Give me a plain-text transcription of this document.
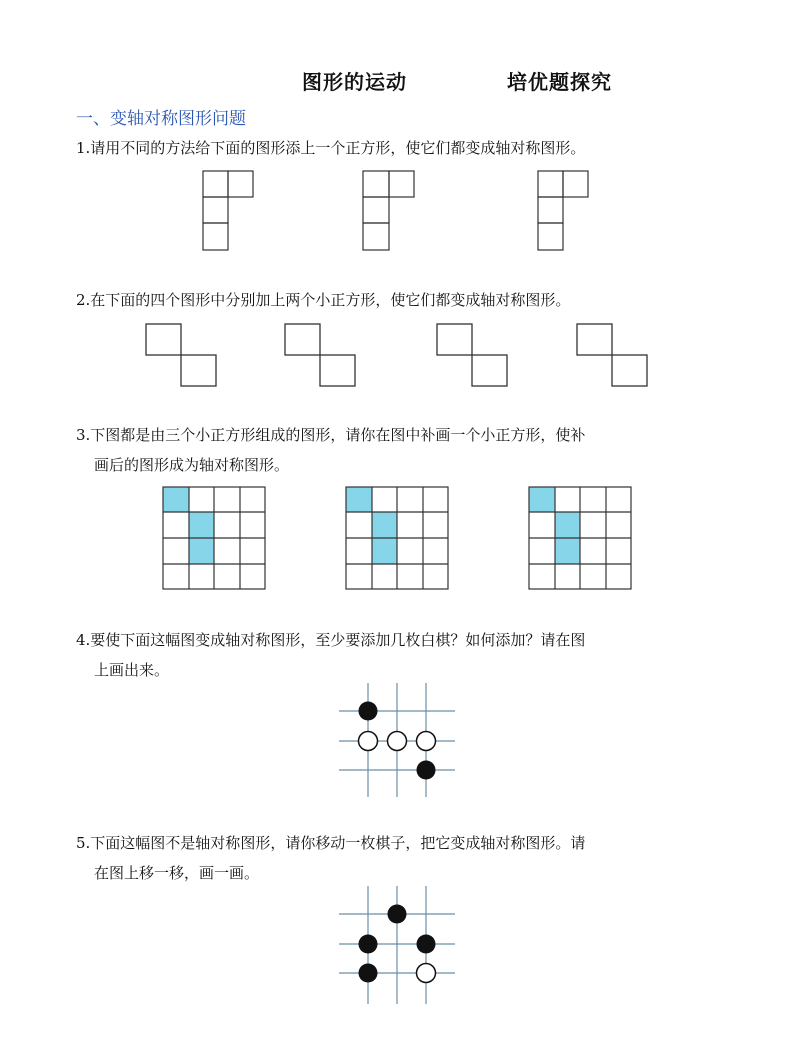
图形的运动	培优题探究
一、变轴对称图形问题
1.请用不同的方法给下面的图形添上一个正方形，使它们都变成轴对称图形。
2.在下面的四个图形中分别加上两个小正方形，使它们都变成轴对称图形。
3.下图都是由三个小正方形组成的图形，请你在图中补画一个小正方形，使补
画后的图形成为轴对称图形。
4.要使下面这幅图变成轴对称图形，至少要添加几枚白棋？如何添加？请在图
上画出来。
5.下面这幅图不是轴对称图形，请你移动一枚棋子，把它变成轴对称图形。请
在图上移一移，画一画。
